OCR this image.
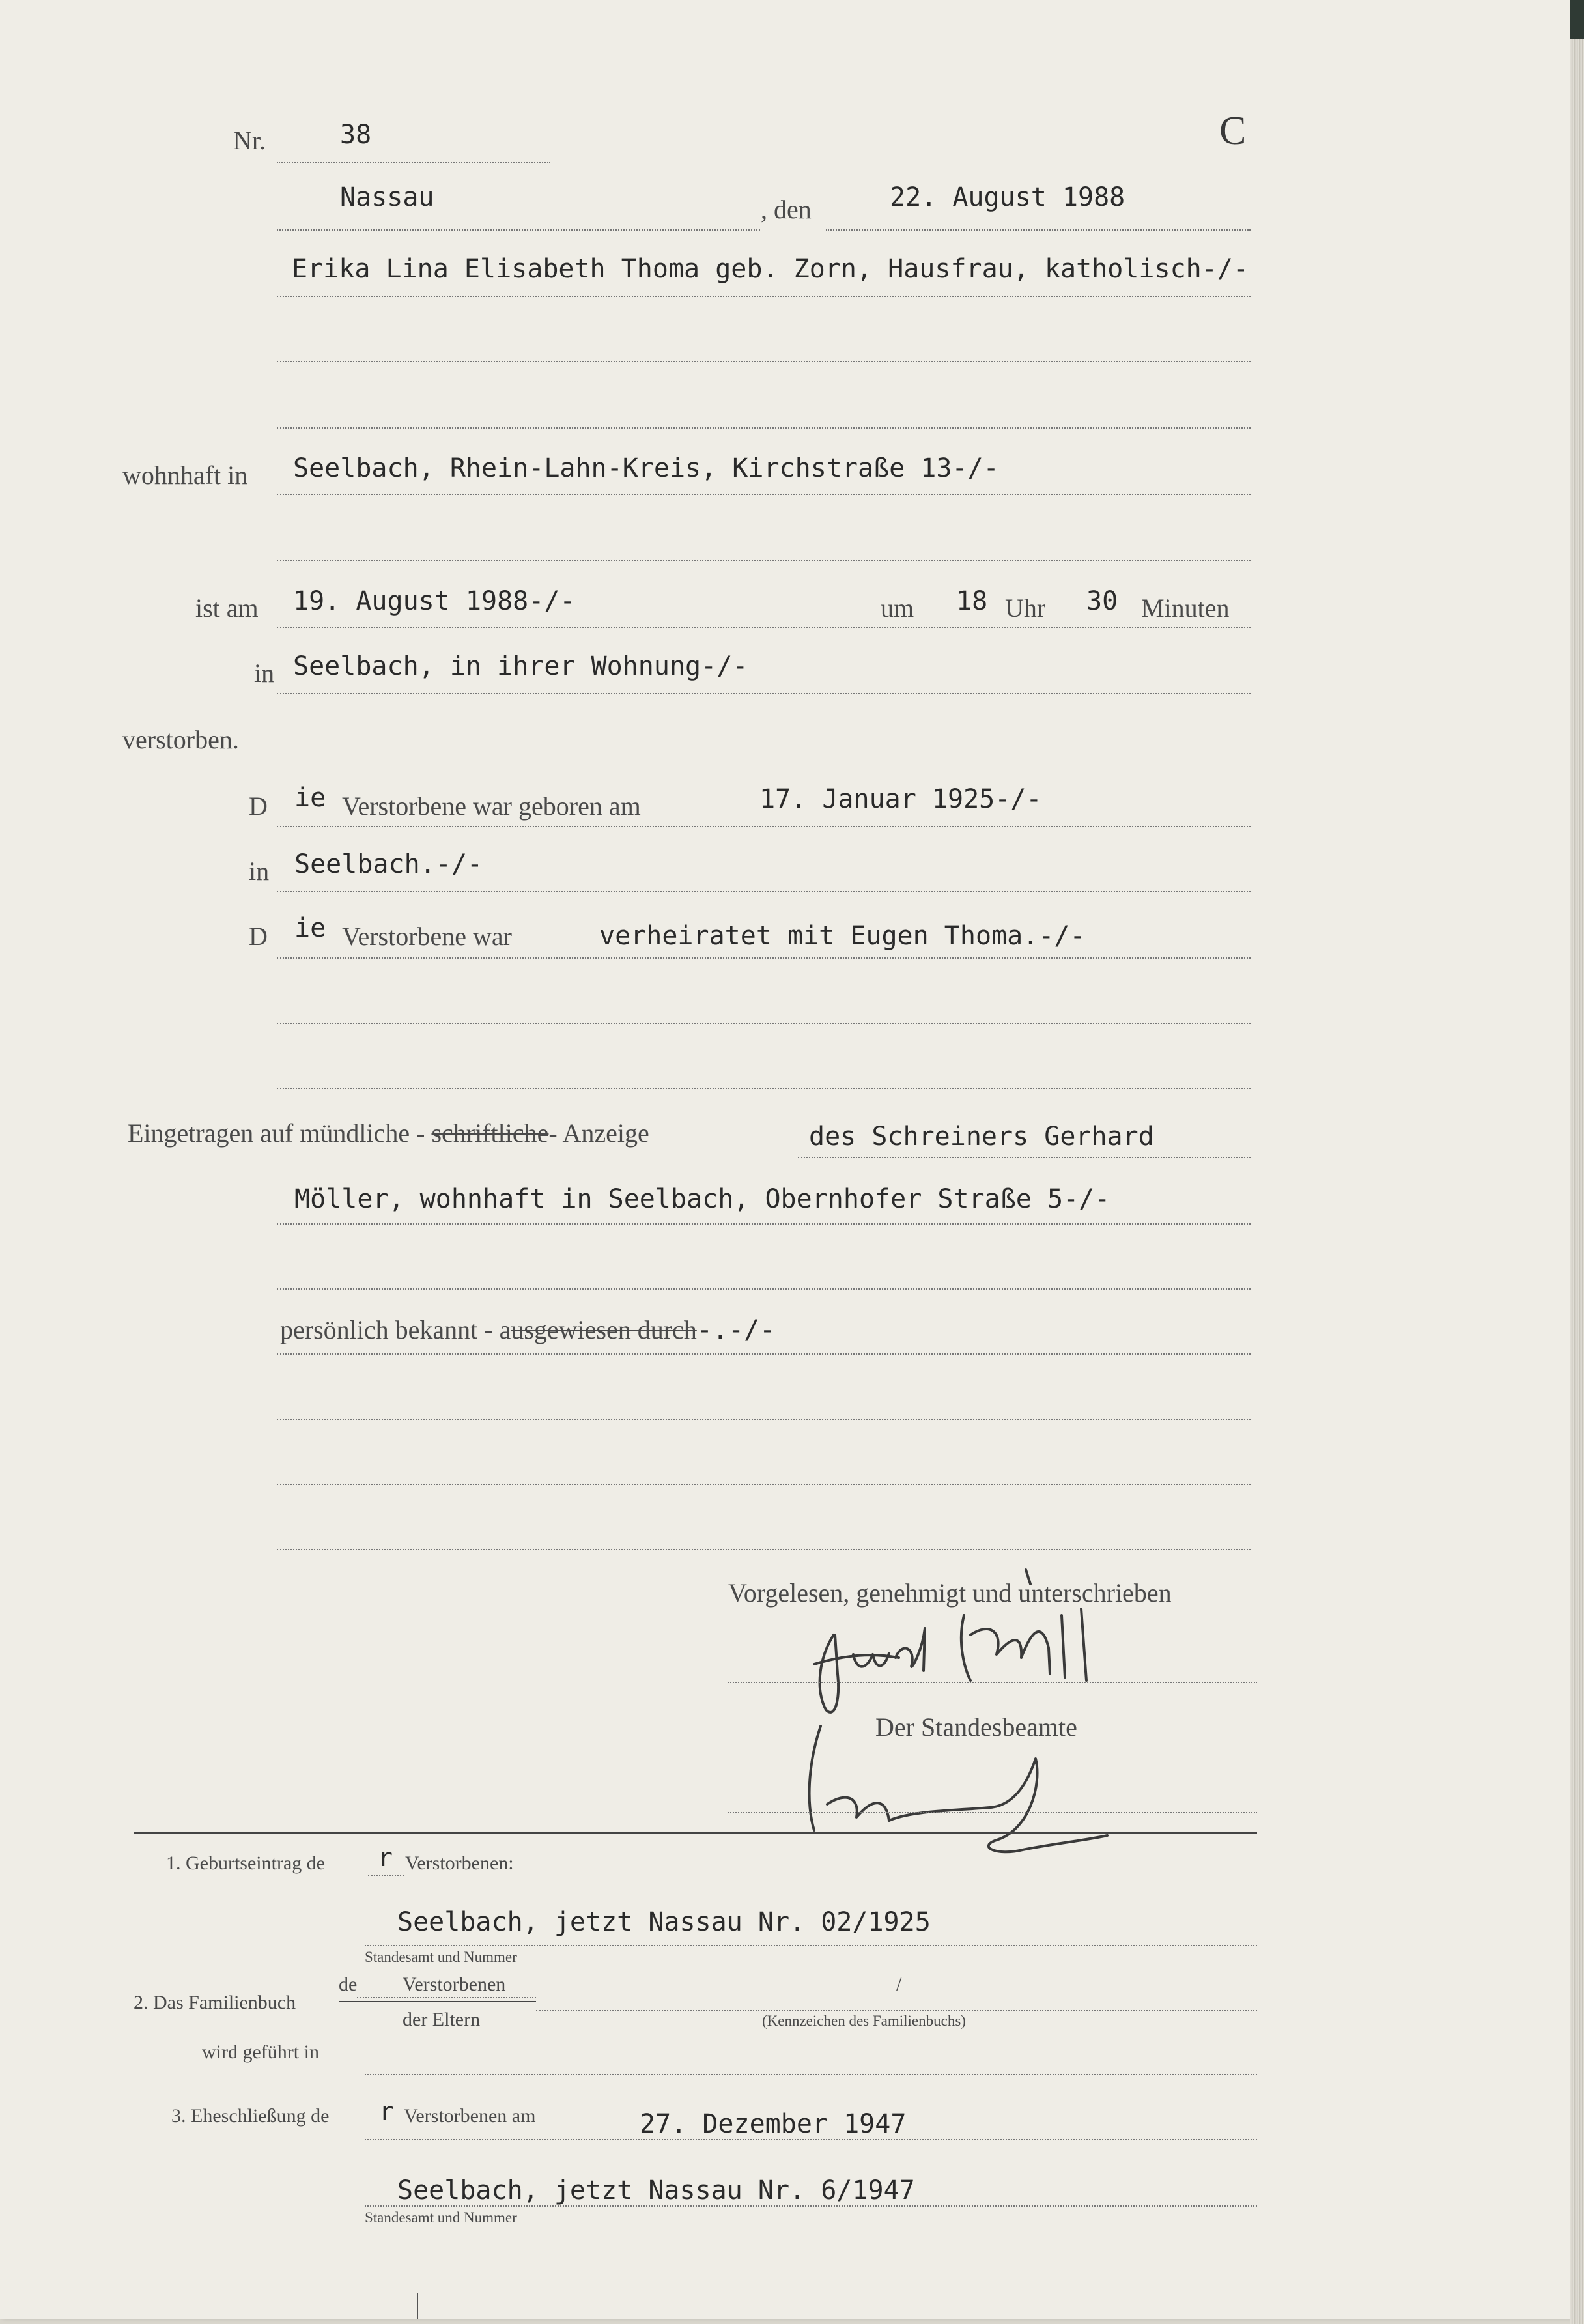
Nr.	38	C
Nassau	, den	22. August 1988
Erika Lina Elisabeth Thoma geb. Zorn, Hausfrau, katholisch-/-
wohnhaft in Seelbach, Rhein-Lahn-Kreis, Kirchstraße 13-/-
ist am 19. August 1988-/-	um 18 Uhr 30 Minuten
in Seelbach, in ihrer Wohnung-/-
verstorben.
D ie Verstorbene war geboren am	17. Januar 1925-/-
in Seelbach.-/-
D ie Verstorbene war	verheiratet mit Eugen Thoma.-/-
Eingetragen auf mündliche - schriftliche- Anzeige	des Schreiners Gerhard
Möller, wohnhaft in Seelbach, Obernhofer Straße 5-/-
persönlich bekannt - ausgewiesen durch-.-/-
Vorgelesen, genehmigt und unterschrieben
Der Standesbeamte
1. Geburtseintrag de r Verstorbenen:
Seelbach, jetzt Nassau Nr. 02/1925
Standesamt und Nummer
2. Das Familienbuch
de Verstorbenen
der Eltern
/
(Kennzeichen des Familienbuchs)
wird geführt in
3. Eheschließung de r Verstorbenen am	27. Dezember 1947
Seelbach, jetzt Nassau Nr. 6/1947
Standesamt und Nummer
